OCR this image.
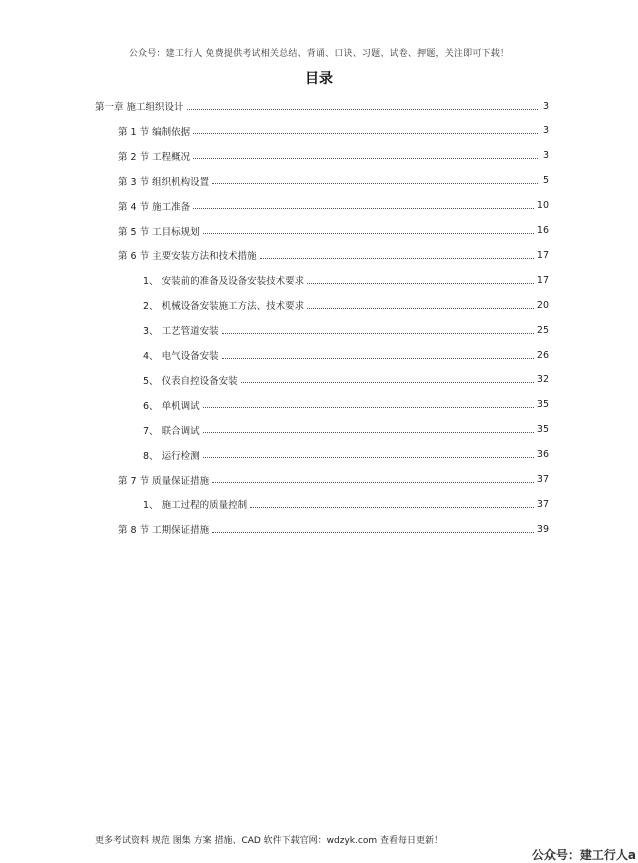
公众号：建工行人 免费提供考试相关总结、背诵、口诀、习题、试卷、押题，关注即可下载！
目录
第一章 施工组织设计	3
第 1 节 编制依据	3
第 2 节 工程概况	3
第 3 节 组织机构设置	5
第 4 节 施工准备	10
第 5 节 工目标规划	16
第 6 节 主要安装方法和技术措施	17
1、 安装前的准备及设备安装技术要求	17
2、 机械设备安装施工方法、技术要求	20
3、 工艺管道安装	25
4、 电气设备安装	26
5、 仪表自控设备安装	32
6、 单机调试	35
7、 联合调试	35
8、 运行检测	36
第 7 节 质量保证措施	37
1、 施工过程的质量控制	37
第 8 节 工期保证措施	39
更多考试资料 规范 图集 方案 措施、CAD 软件下载官网：wdzyk.com 查看每日更新！
公众号：建工行人a
